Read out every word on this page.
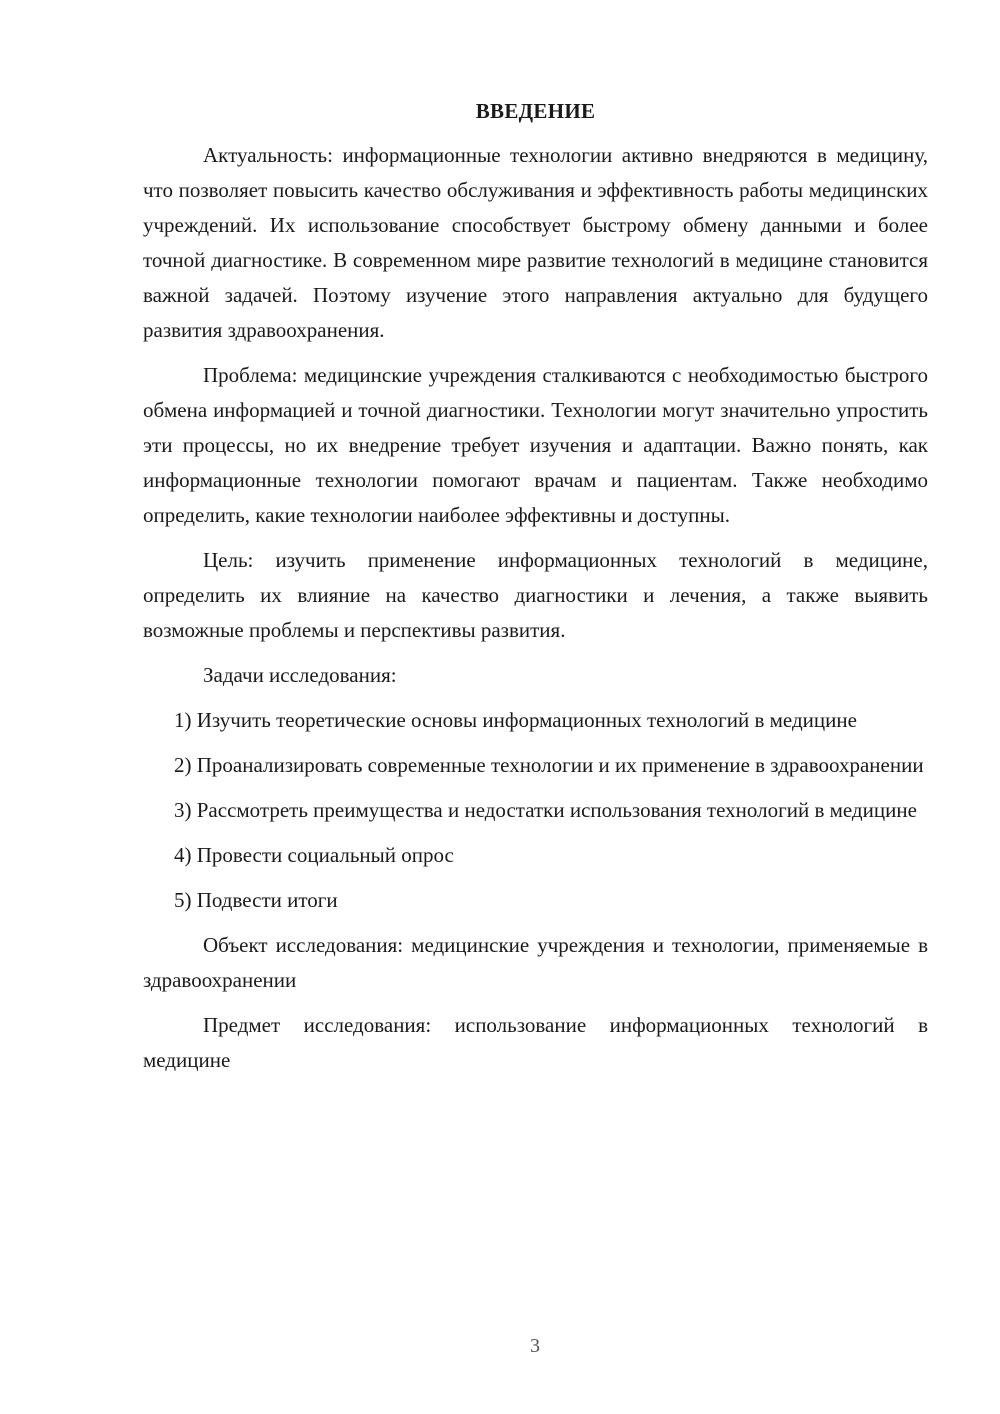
ВВЕДЕНИЕ

Актуальность: информационные технологии активно внедряются в медицину, что позволяет повысить качество обслуживания и эффективность работы медицинских учреждений. Их использование способствует быстрому обмену данными и более точной диагностике. В современном мире развитие технологий в медицине становится важной задачей. Поэтому изучение этого направления актуально для будущего развития здравоохранения.

Проблема: медицинские учреждения сталкиваются с необходимостью быстрого обмена информацией и точной диагностики. Технологии могут значительно упростить эти процессы, но их внедрение требует изучения и адаптации. Важно понять, как информационные технологии помогают врачам и пациентам. Также необходимо определить, какие технологии наиболее эффективны и доступны.

Цель: изучить применение информационных технологий в медицине, определить их влияние на качество диагностики и лечения, а также выявить возможные проблемы и перспективы развития.

Задачи исследования:

1) Изучить теоретические основы информационных технологий в медицине

2) Проанализировать современные технологии и их применение в здравоохранении

3) Рассмотреть преимущества и недостатки использования технологий в медицине

4) Провести социальный опрос

5) Подвести итоги

Объект исследования: медицинские учреждения и технологии, применяемые в здравоохранении

Предмет исследования: использование информационных технологий в медицине

3
